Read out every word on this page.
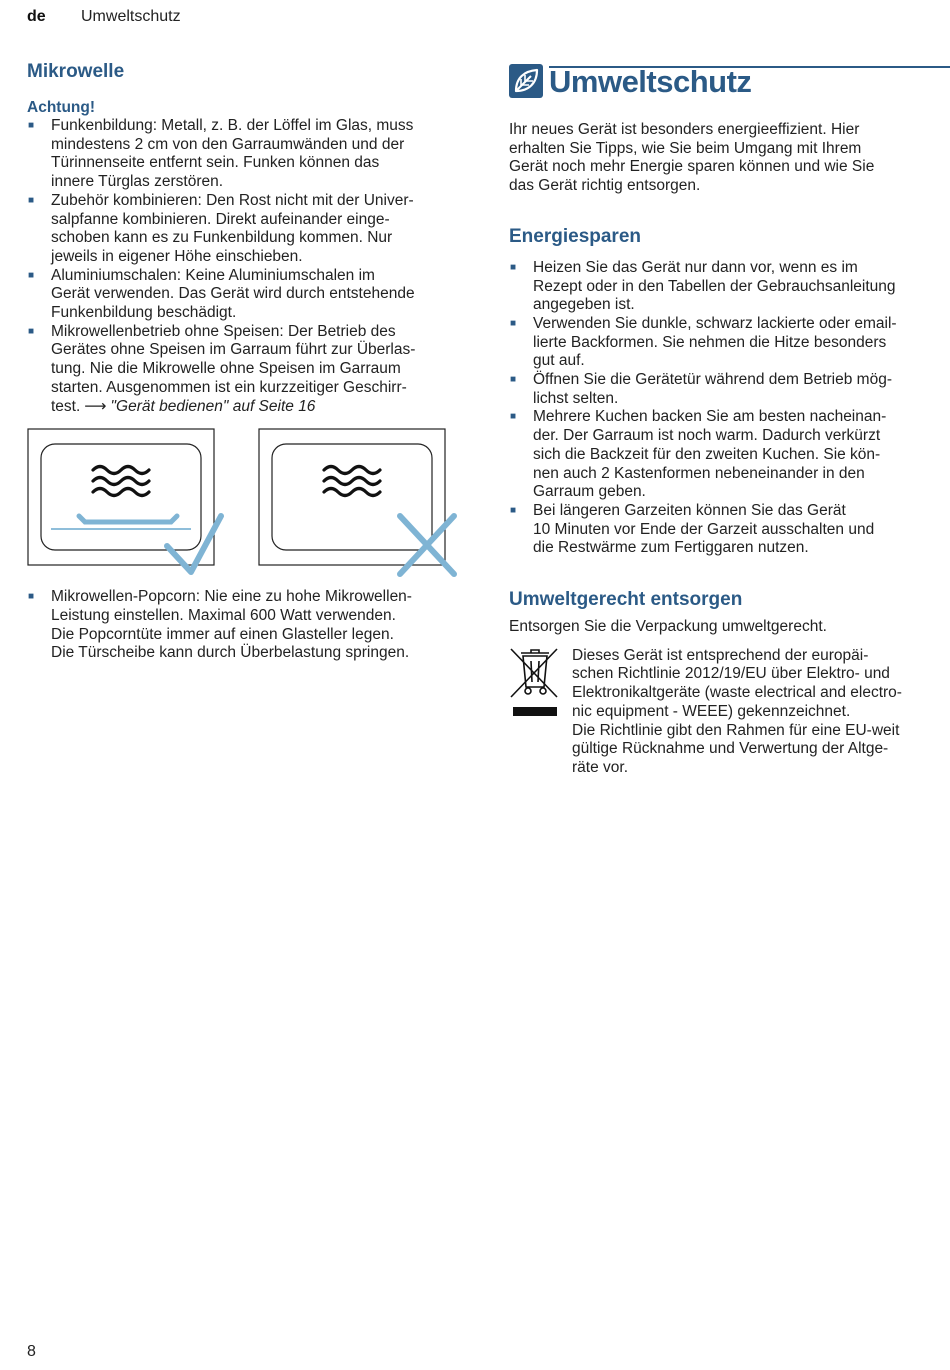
de Umweltschutz
Mikrowelle
Achtung!
■ Funkenbildung: Metall, z. B. der Löffel im Glas, muss
mindestens 2 cm von den Garraumwänden und der
Türinnenseite entfernt sein. Funken können das
innere Türglas zerstören.
■ Zubehör kombinieren: Den Rost nicht mit der Univer-
salpfanne kombinieren. Direkt aufeinander einge-
schoben kann es zu Funkenbildung kommen. Nur
jeweils in eigener Höhe einschieben.
■ Aluminiumschalen: Keine Aluminiumschalen im
Gerät verwenden. Das Gerät wird durch entstehende
Funkenbildung beschädigt.
■ Mikrowellenbetrieb ohne Speisen: Der Betrieb des
Gerätes ohne Speisen im Garraum führt zur Überlas-
tung. Nie die Mikrowelle ohne Speisen im Garraum
starten. Ausgenommen ist ein kurzzeitiger Geschirr-
test. ⟶ "Gerät bedienen" auf Seite 16
■ Mikrowellen-Popcorn: Nie eine zu hohe Mikrowellen-
Leistung einstellen. Maximal 600 Watt verwenden.
Die Popcorntüte immer auf einen Glasteller legen.
Die Türscheibe kann durch Überbelastung springen.
Umweltschutz

Ihr neues Gerät ist besonders energieeffizient. Hier
erhalten Sie Tipps, wie Sie beim Umgang mit Ihrem
Gerät noch mehr Energie sparen können und wie Sie
das Gerät richtig entsorgen.

Energiesparen
■ Heizen Sie das Gerät nur dann vor, wenn es im
Rezept oder in den Tabellen der Gebrauchsanleitung
angegeben ist.
■ Verwenden Sie dunkle, schwarz lackierte oder email-
lierte Backformen. Sie nehmen die Hitze besonders
gut auf.
■ Öffnen Sie die Gerätetür während dem Betrieb mög-
lichst selten.
■ Mehrere Kuchen backen Sie am besten nacheinan-
der. Der Garraum ist noch warm. Dadurch verkürzt
sich die Backzeit für den zweiten Kuchen. Sie kön-
nen auch 2 Kastenformen nebeneinander in den
Garraum geben.
■ Bei längeren Garzeiten können Sie das Gerät
10 Minuten vor Ende der Garzeit ausschalten und
die Restwärme zum Fertiggaren nutzen.
Umweltgerecht entsorgen

Entsorgen Sie die Verpackung umweltgerecht.

Dieses Gerät ist entsprechend der europäi-
schen Richtlinie 2012/19/EU über Elektro- und
Elektronikaltgeräte (waste electrical and electro-
nic equipment - WEEE) gekennzeichnet.
Die Richtlinie gibt den Rahmen für eine EU-weit
gültige Rücknahme und Verwertung der Altge-
räte vor.

8
